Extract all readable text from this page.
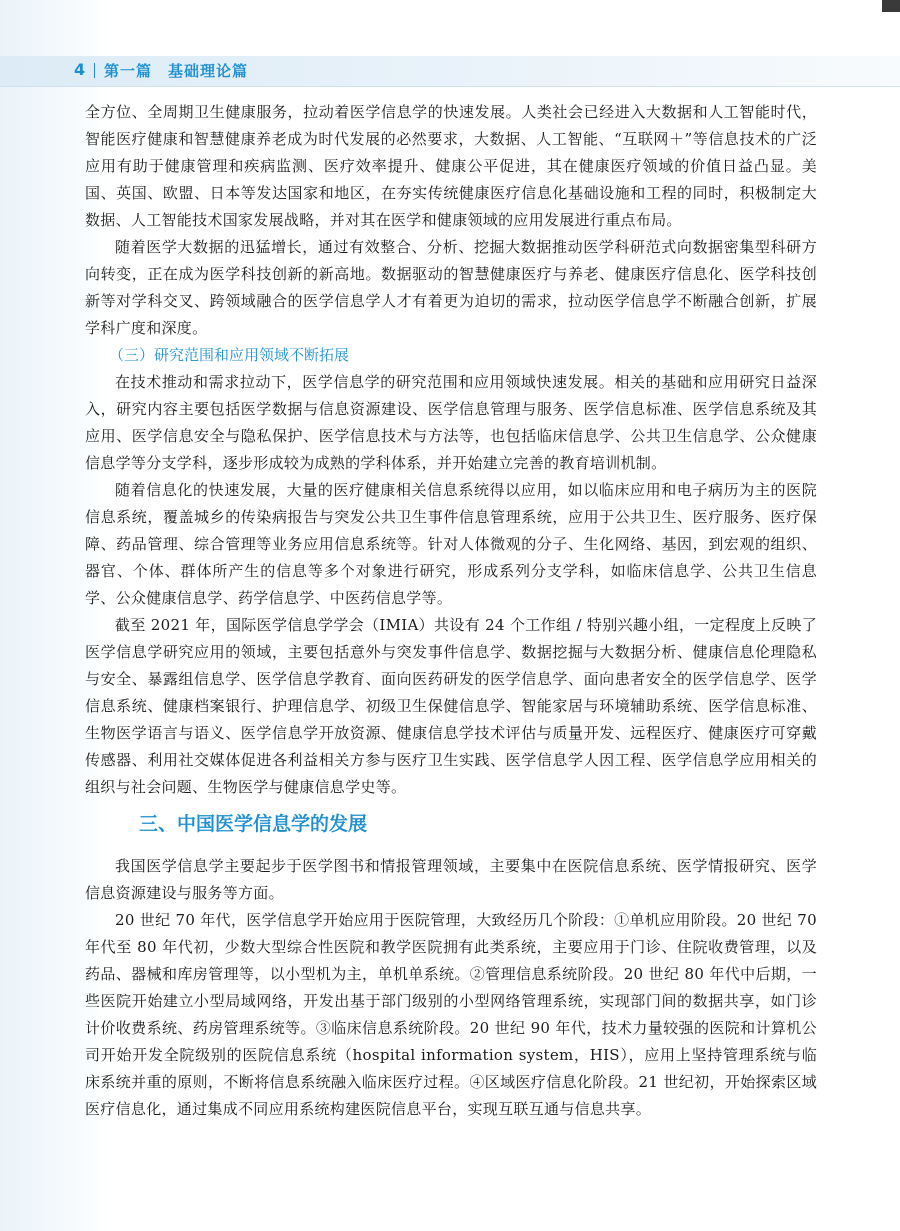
4 第一篇 基础理论篇

全方位、全周期卫生健康服务，拉动着医学信息学的快速发展。人类社会已经进入大数据和人工智能时代，智能医疗健康和智慧健康养老成为时代发展的必然要求，大数据、人工智能、“互联网＋”等信息技术的广泛应用有助于健康管理和疾病监测、医疗效率提升、健康公平促进，其在健康医疗领域的价值日益凸显。美国、英国、欧盟、日本等发达国家和地区，在夯实传统健康医疗信息化基础设施和工程的同时，积极制定大数据、人工智能技术国家发展战略，并对其在医学和健康领域的应用发展进行重点布局。

随着医学大数据的迅猛增长，通过有效整合、分析、挖掘大数据推动医学科研范式向数据密集型科研方向转变，正在成为医学科技创新的新高地。数据驱动的智慧健康医疗与养老、健康医疗信息化、医学科技创新等对学科交叉、跨领域融合的医学信息学人才有着更为迫切的需求，拉动医学信息学不断融合创新，扩展学科广度和深度。

（三）研究范围和应用领域不断拓展

在技术推动和需求拉动下，医学信息学的研究范围和应用领域快速发展。相关的基础和应用研究日益深入，研究内容主要包括医学数据与信息资源建设、医学信息管理与服务、医学信息标准、医学信息系统及其应用、医学信息安全与隐私保护、医学信息技术与方法等，也包括临床信息学、公共卫生信息学、公众健康信息学等分支学科，逐步形成较为成熟的学科体系，并开始建立完善的教育培训机制。

随着信息化的快速发展，大量的医疗健康相关信息系统得以应用，如以临床应用和电子病历为主的医院信息系统，覆盖城乡的传染病报告与突发公共卫生事件信息管理系统，应用于公共卫生、医疗服务、医疗保障、药品管理、综合管理等业务应用信息系统等。针对人体微观的分子、生化网络、基因，到宏观的组织、器官、个体、群体所产生的信息等多个对象进行研究，形成系列分支学科，如临床信息学、公共卫生信息学、公众健康信息学、药学信息学、中医药信息学等。

截至 2021 年，国际医学信息学学会（IMIA）共设有 24 个工作组 / 特别兴趣小组，一定程度上反映了医学信息学研究应用的领域，主要包括意外与突发事件信息学、数据挖掘与大数据分析、健康信息伦理隐私与安全、暴露组信息学、医学信息学教育、面向医药研发的医学信息学、面向患者安全的医学信息学、医学信息系统、健康档案银行、护理信息学、初级卫生保健信息学、智能家居与环境辅助系统、医学信息标准、生物医学语言与语义、医学信息学开放资源、健康信息学技术评估与质量开发、远程医疗、健康医疗可穿戴传感器、利用社交媒体促进各利益相关方参与医疗卫生实践、医学信息学人因工程、医学信息学应用相关的组织与社会问题、生物医学与健康信息学史等。

三、中国医学信息学的发展

我国医学信息学主要起步于医学图书和情报管理领域，主要集中在医院信息系统、医学情报研究、医学信息资源建设与服务等方面。

20 世纪 70 年代，医学信息学开始应用于医院管理，大致经历几个阶段：①单机应用阶段。20 世纪 70 年代至 80 年代初，少数大型综合性医院和教学医院拥有此类系统，主要应用于门诊、住院收费管理，以及药品、器械和库房管理等，以小型机为主，单机单系统。②管理信息系统阶段。20 世纪 80 年代中后期，一些医院开始建立小型局域网络，开发出基于部门级别的小型网络管理系统，实现部门间的数据共享，如门诊计价收费系统、药房管理系统等。③临床信息系统阶段。20 世纪 90 年代，技术力量较强的医院和计算机公司开始开发全院级别的医院信息系统（hospital information system，HIS），应用上坚持管理系统与临床系统并重的原则，不断将信息系统融入临床医疗过程。④区域医疗信息化阶段。21 世纪初，开始探索区域医疗信息化，通过集成不同应用系统构建医院信息平台，实现互联互通与信息共享。
